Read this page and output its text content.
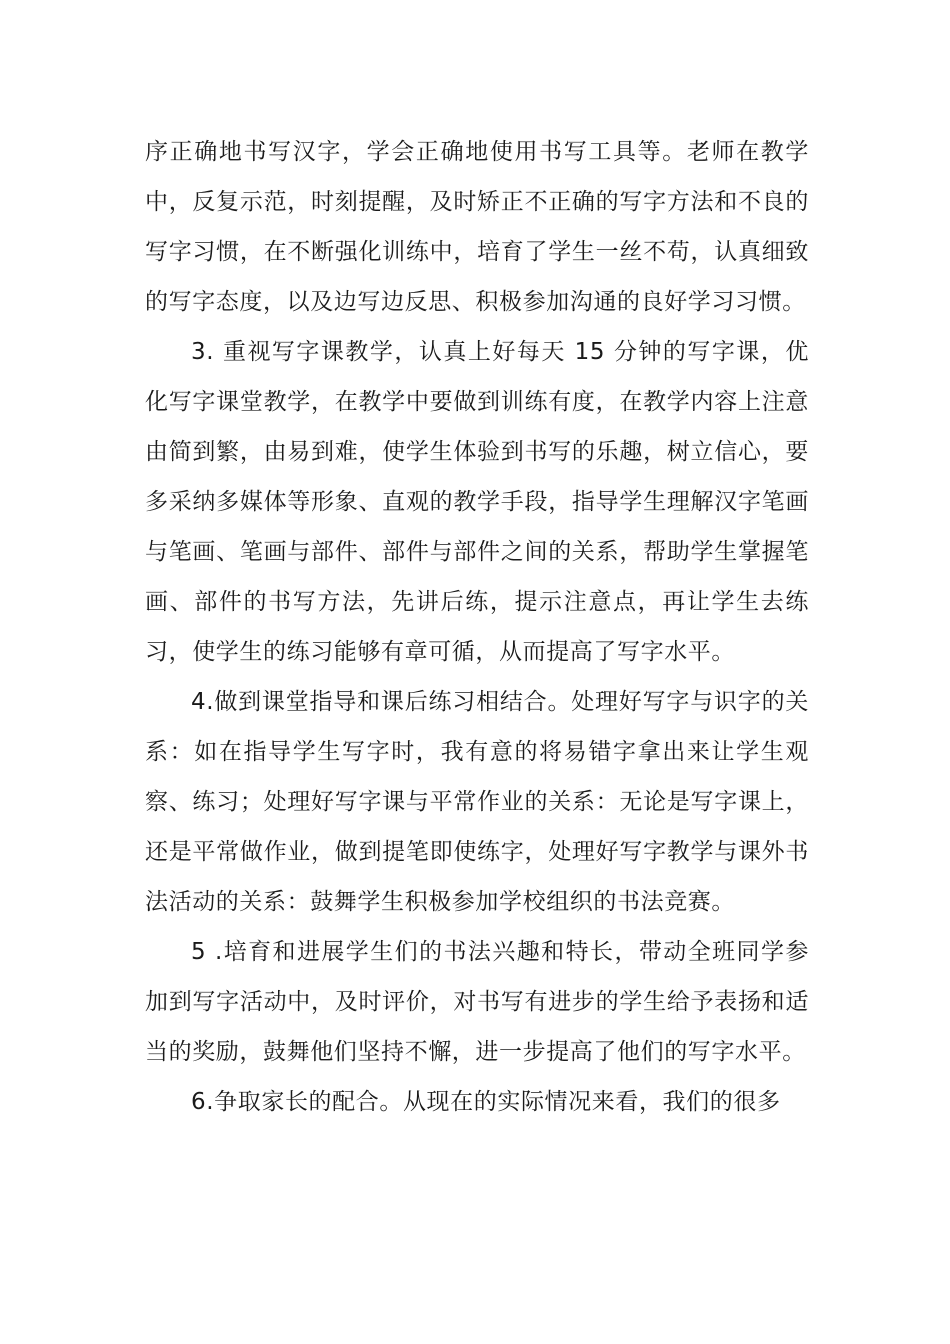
序正确地书写汉字，学会正确地使用书写工具等。老师在教学中，反复示范，时刻提醒，及时矫正不正确的写字方法和不良的写字习惯，在不断强化训练中，培育了学生一丝不苟，认真细致的写字态度，以及边写边反思、积极参加沟通的良好学习习惯。

3. 重视写字课教学，认真上好每天 15 分钟的写字课，优化写字课堂教学，在教学中要做到训练有度，在教学内容上注意由简到繁，由易到难，使学生体验到书写的乐趣，树立信心，要多采纳多媒体等形象、直观的教学手段，指导学生理解汉字笔画与笔画、笔画与部件、部件与部件之间的关系，帮助学生掌握笔画、部件的书写方法，先讲后练，提示注意点，再让学生去练习，使学生的练习能够有章可循，从而提高了写字水平。

4.做到课堂指导和课后练习相结合。处理好写字与识字的关系：如在指导学生写字时，我有意的将易错字拿出来让学生观察、练习；处理好写字课与平常作业的关系：无论是写字课上，还是平常做作业，做到提笔即使练字，处理好写字教学与课外书法活动的关系：鼓舞学生积极参加学校组织的书法竞赛。

5 .培育和进展学生们的书法兴趣和特长，带动全班同学参加到写字活动中，及时评价，对书写有进步的学生给予表扬和适当的奖励，鼓舞他们坚持不懈，进一步提高了他们的写字水平。

6.争取家长的配合。从现在的实际情况来看，我们的很多
